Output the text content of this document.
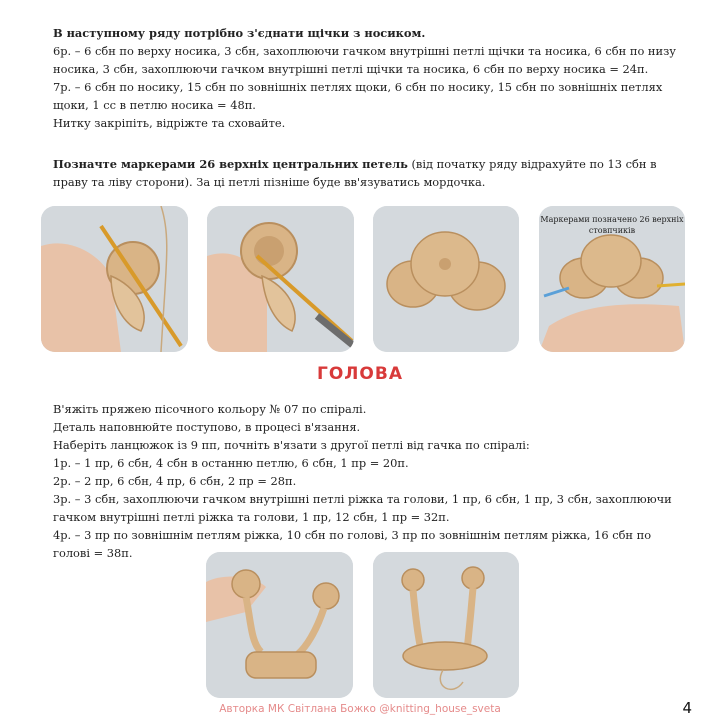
В наступному ряду потрібно з'єднати щічки з носиком.

6р. – 6 сбн по верху носика, 3 сбн, захоплюючи гачком внутрішні петлі щічки та носика, 6 сбн по низу носика, 3 сбн, захоплюючи гачком внутрішні петлі щічки та носика, 6 сбн по верху носика = 24п.

7р. – 6 сбн по носику, 15 сбн по зовнішніх петлях щоки, 6 сбн по носику, 15 сбн по зовнішніх петлях щоки, 1 сс в петлю носика = 48п.

Нитку закріпіть, відріжте та сховайте.

Позначте маркерами 26 верхніх центральних петель (від початку ряду відрахуйте по 13 сбн в праву та ліву сторони). За ці петлі пізніше буде вв'язуватись мордочка.

Маркерами позначено 26 верхніх стовпчиків
ГОЛОВА

В'яжіть пряжею пісочного кольору № 07 по спіралі.

Деталь наповнюйте поступово, в процесі в'язання.

Наберіть ланцюжок із 9 пп, почніть в'язати з другої петлі від гачка по спіралі:

1р. – 1 пр, 6 сбн, 4 сбн в останню петлю, 6 сбн, 1 пр = 20п.

2р. – 2 пр, 6 сбн, 4 пр, 6 сбн, 2 пр = 28п.

3р. – 3 сбн, захоплюючи гачком внутрішні петлі ріжка та голови, 1 пр, 6 сбн, 1 пр, 3 сбн, захоплюючи гачком внутрішні петлі ріжка та голови, 1 пр, 12 сбн, 1 пр = 32п.

4р. – 3 пр по зовнішнім петлям ріжка, 10 сбн по голові, 3 пр по зовнішнім петлям ріжка, 16 сбн по голові = 38п.

Авторка МК Світлана Божко @knitting_house_sveta	4
